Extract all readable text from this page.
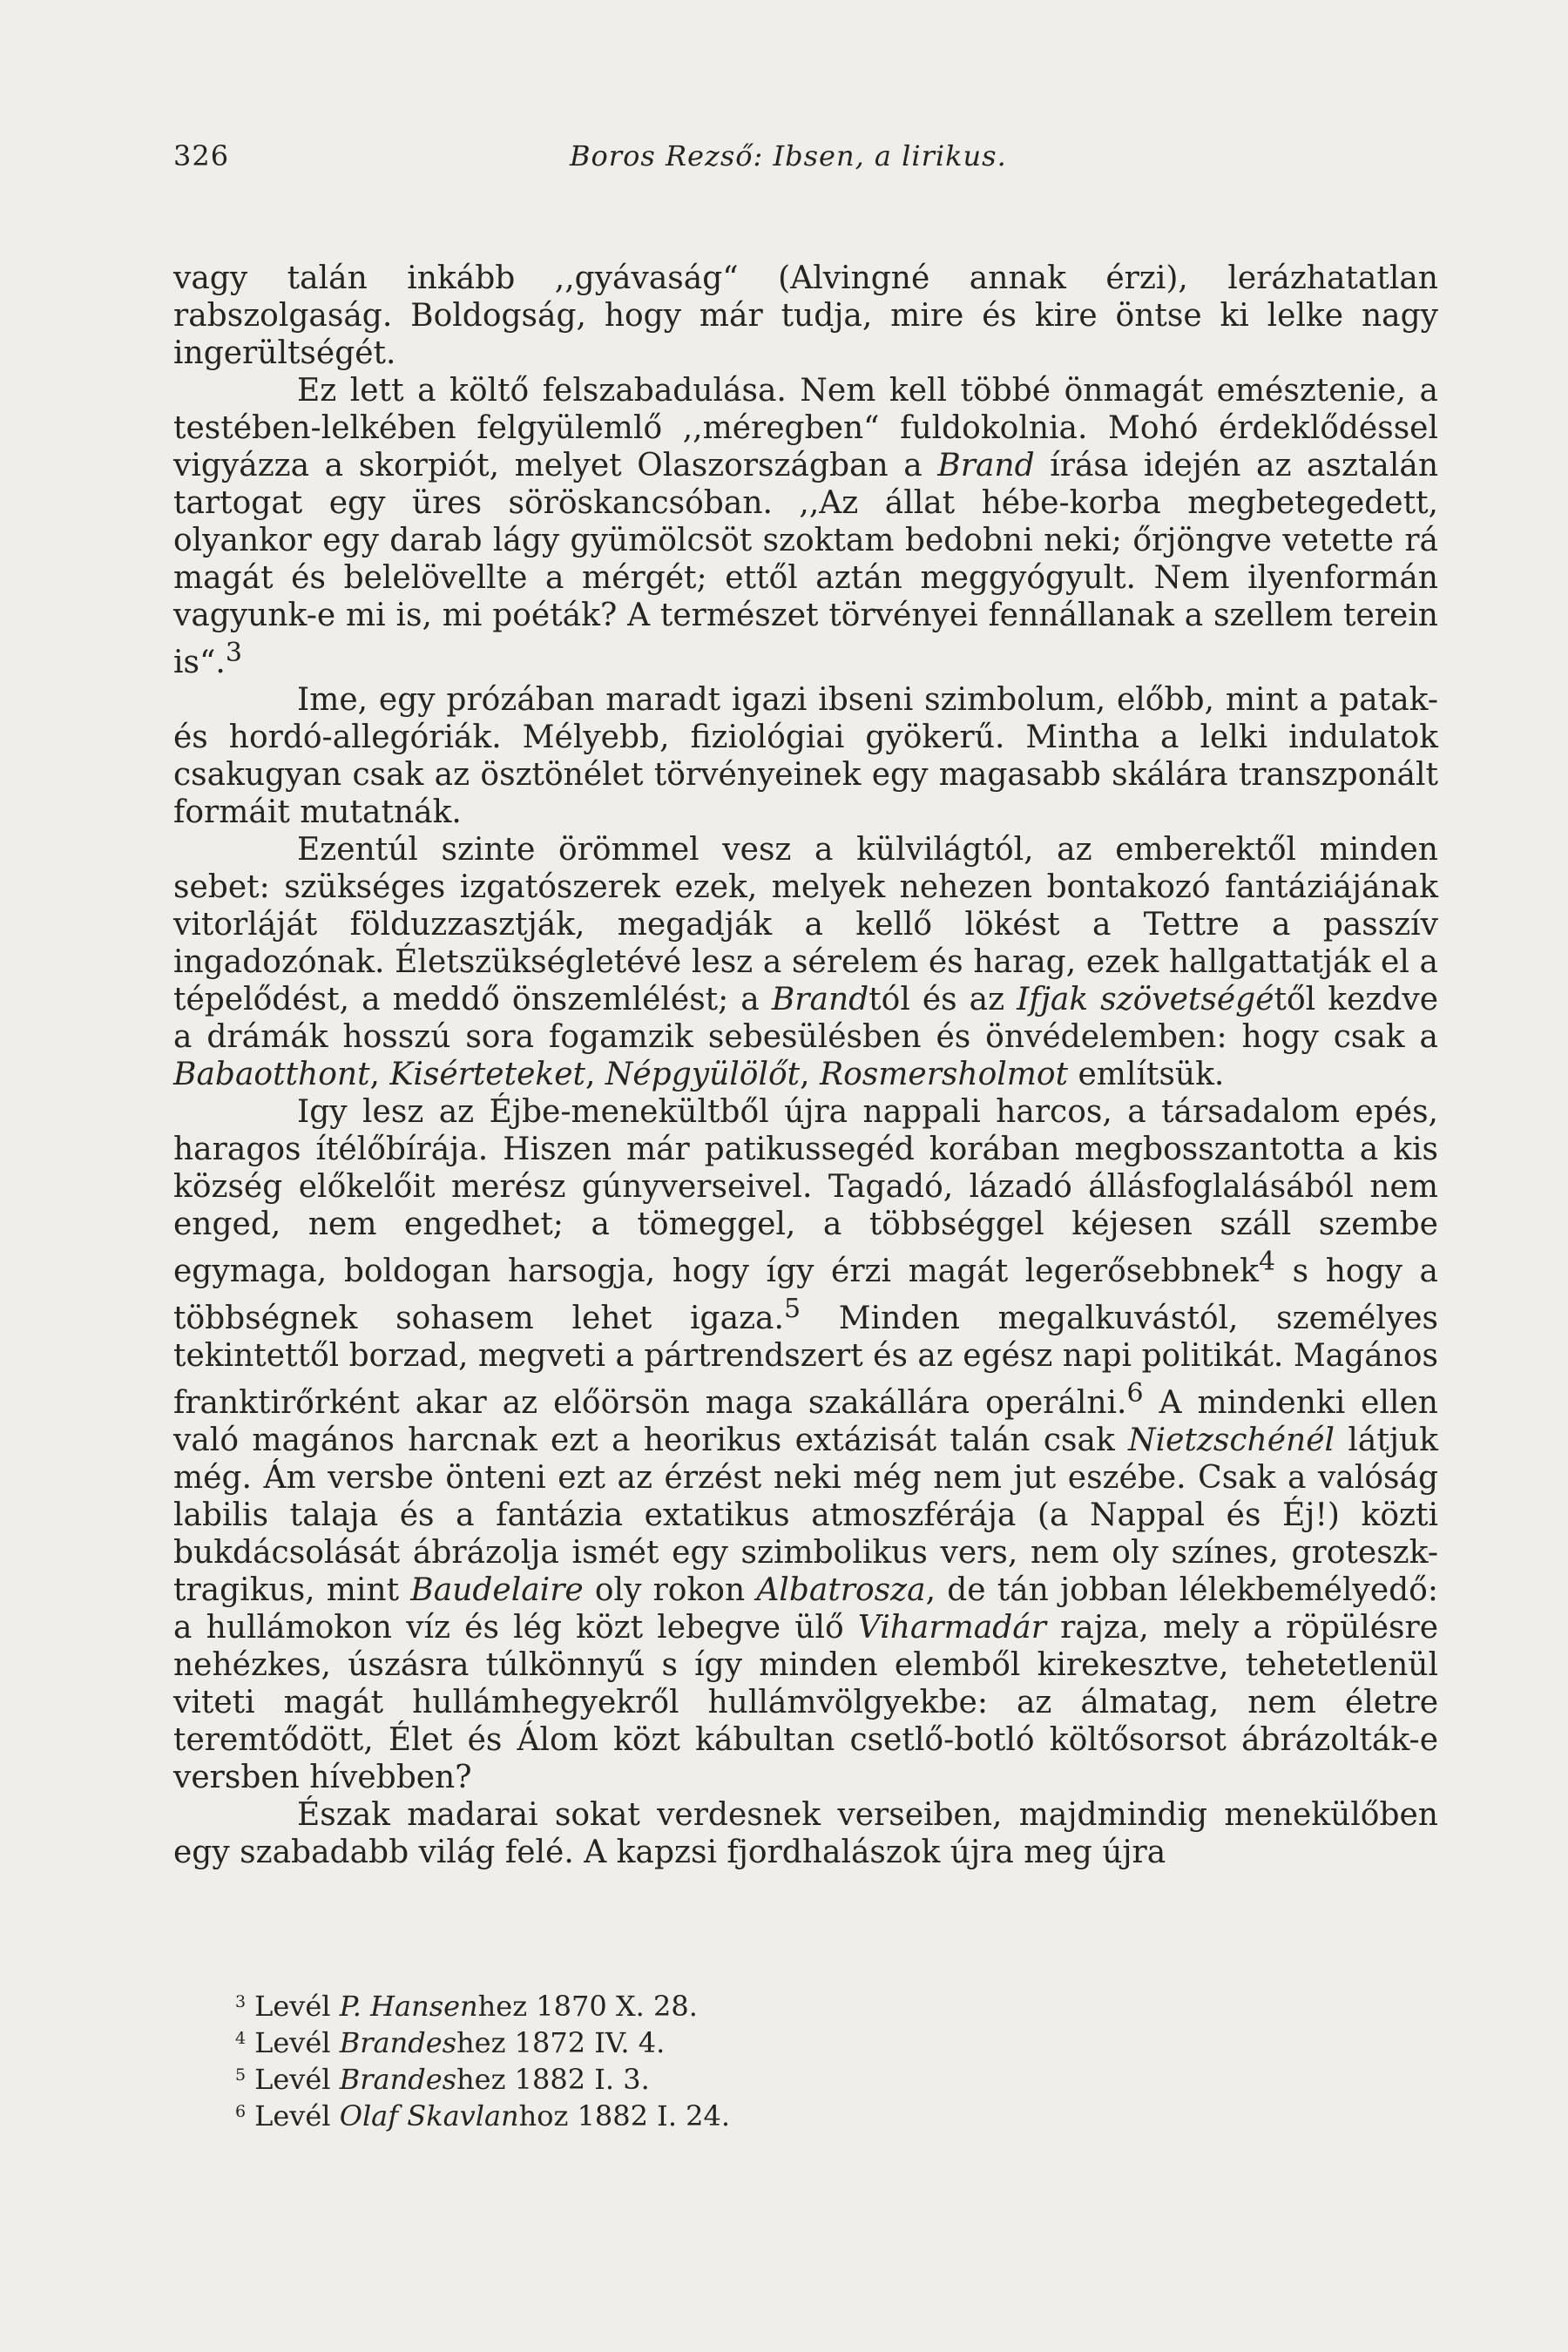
326	Boros Rezső: Ibsen, a lirikus.

vagy talán inkább ,,gyávaság“ (Alvingné annak érzi), lerázhatatlan rabszolgaság. Boldogság, hogy már tudja, mire és kire öntse ki lelke nagy ingerültségét.

Ez lett a költő felszabadulása. Nem kell többé önmagát emésztenie, a testében-lelkében felgyülemlő ,,méregben“ fuldokolnia. Mohó érdeklődéssel vigyázza a skorpiót, melyet Olaszországban a Brand írása idején az asztalán tartogat egy üres söröskancsóban. ,,Az állat hébe-korba megbetegedett, olyankor egy darab lágy gyümölcsöt szoktam bedobni neki; őrjöngve vetette rá magát és belelövellte a mérgét; ettől aztán meggyógyult. Nem ilyenformán vagyunk-e mi is, mi poéták? A természet törvényei fennállanak a szellem terein is“.$^3$

Ime, egy prózában maradt igazi ibseni szimbolum, előbb, mint a patak- és hordó-allegóriák. Mélyebb, fiziológiai gyökerű. Mintha a lelki indulatok csakugyan csak az ösztönélet törvényeinek egy magasabb skálára transzponált formáit mutatnák.

Ezentúl szinte örömmel vesz a külvilágtól, az emberektől minden sebet: szükséges izgatószerek ezek, melyek nehezen bontakozó fantáziájának vitorláját földuzzasztják, megadják a kellő lökést a Tettre a passzív ingadozónak. Életszükségletévé lesz a sérelem és harag, ezek hallgattatják el a tépelődést, a meddő önszemlélést; a Brandtól és az Ifjak szövetségétől kezdve a drámák hosszú sora fogamzik sebesülésben és önvédelemben: hogy csak a Babaotthont, Kisérteteket, Népgyülölőt, Rosmersholmot említsük.

Igy lesz az Éjbe-menekültből újra nappali harcos, a társadalom epés, haragos ítélőbírája. Hiszen már patikussegéd korában megbosszantotta a kis község előkelőit merész gúnyverseivel. Tagadó, lázadó állásfoglalásából nem enged, nem engedhet; a tömeggel, a többséggel kéjesen száll szembe egymaga, boldogan harsogja, hogy így érzi magát legerősebbnek$^4$ s hogy a többségnek sohasem lehet igaza.$^5$ Minden megalkuvástól, személyes tekintettől borzad, megveti a pártrendszert és az egész napi politikát. Magános franktirőrként akar az előörsön maga szakállára operálni.$^6$ A mindenki ellen való magános harcnak ezt a heorikus extázisát talán csak Nietzschénél látjuk még. Ám versbe önteni ezt az érzést neki még nem jut eszébe. Csak a valóság labilis talaja és a fantázia extatikus atmoszférája (a Nappal és Éj!) közti bukdácsolását ábrázolja ismét egy szimbolikus vers, nem oly színes, groteszk-tragikus, mint Baudelaire oly rokon Albatrosza, de tán jobban lélekbemélyedő: a hullámokon víz és lég közt lebegve ülő Viharmadár rajza, mely a röpülésre nehézkes, úszásra túlkönnyű s így minden elemből kirekesztve, tehetetlenül viteti magát hullámhegyekről hullámvölgyekbe: az álmatag, nem életre teremtődött, Élet és Álom közt kábultan csetlő-botló költősorsot ábrázolták-e versben hívebben?

Észak madarai sokat verdesnek verseiben, majdmindig menekülőben egy szabadabb világ felé. A kapzsi fjordhalászok újra meg újra

$^3$ Levél P. Hansenhez 1870 X. 28.
$^4$ Levél Brandeshez 1872 IV. 4.
$^5$ Levél Brandeshez 1882 I. 3.
$^6$ Levél Olaf Skavlanhoz 1882 I. 24.
